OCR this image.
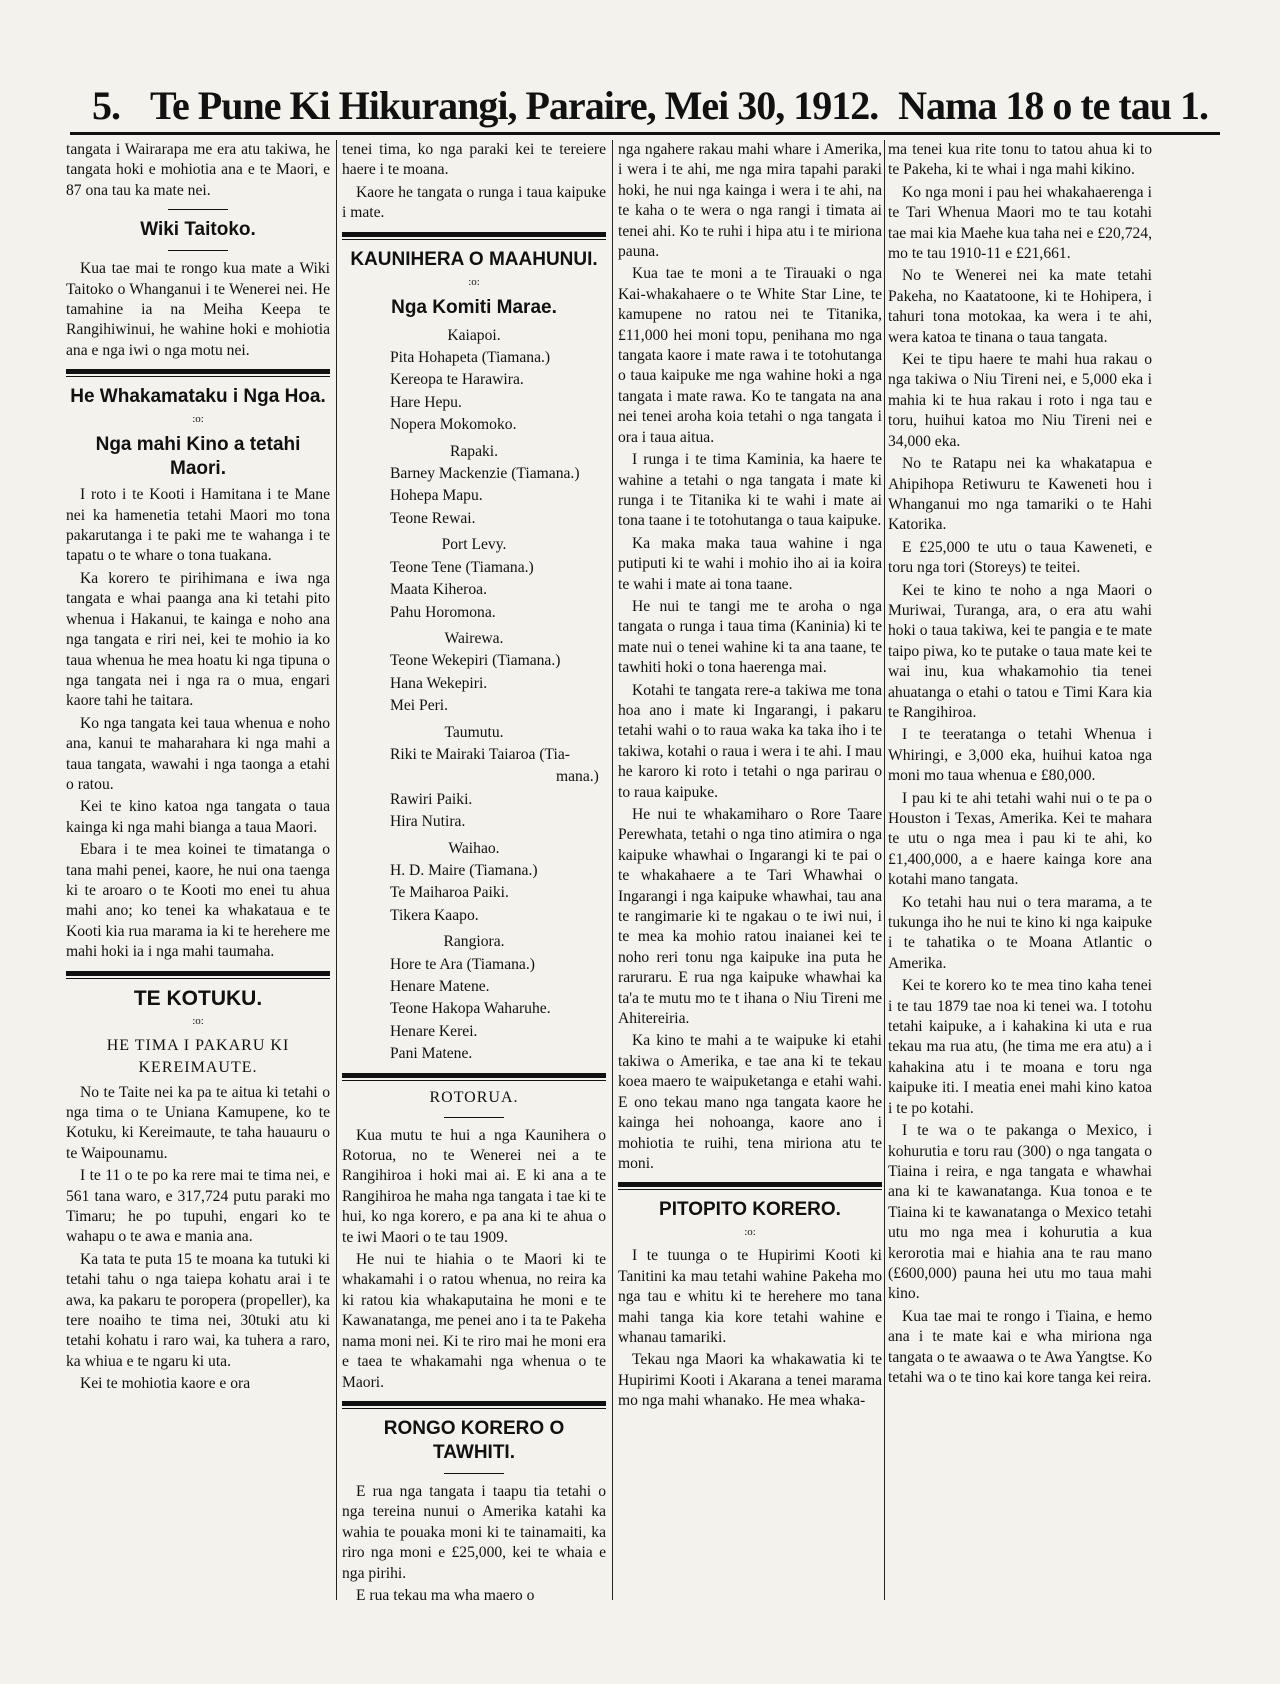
5. Te Pune Ki Hikurangi, Paraire, Mei 30, 1912. Nama 18 o te tau 1.

tangata i Wairarapa me era atu takiwa, he tangata hoki e mohiotia ana e te Maori, e 87 ona tau ka mate nei.

Wiki Taitoko.

Kua tae mai te rongo kua mate a Wiki Taitoko o Whanganui i te Wenerei nei. He tamahine ia na Meiha Keepa te Rangihiwinui, he wahine hoki e mohiotia ana e nga iwi o nga motu nei.

He Whakamataku i Nga Hoa.
:o:
Nga mahi Kino a tetahi Maori.

I roto i te Kooti i Hamitana i te Mane nei ka hamenetia tetahi Maori mo tona pakarutanga i te paki me te wahanga i te tapatu o te whare o tona tuakana.

Ka korero te pirihimana e iwa nga tangata e whai paanga ana ki tetahi pito whenua i Hakanui, te kainga e noho ana nga tangata e riri nei, kei te mohio ia ko taua whenua he mea hoatu ki nga tipuna o nga tangata nei i nga ra o mua, engari kaore tahi he taitara.

Ko nga tangata kei taua whenua e noho ana, kanui te maharahara ki nga mahi a taua tangata, wawahi i nga taonga a etahi o ratou.

Kei te kino katoa nga tangata o taua kainga ki nga mahi bianga a taua Maori.

Ebara i te mea koinei te timatanga o tana mahi penei, kaore, he nui ona taenga ki te aroaro o te Kooti mo enei tu ahua mahi ano; ko tenei ka whakataua e te Kooti kia rua marama ia ki te herehere me mahi hoki ia i nga mahi taumaha.

TE KOTUKU.
:o:
HE TIMA I PAKARU KI KEREIMAUTE.

No te Taite nei ka pa te aitua ki tetahi o nga tima o te Uniana Kamupene, ko te Kotuku, ki Kereimaute, te taha hauauru o te Waipounamu.

I te 11 o te po ka rere mai te tima nei, e 561 tana waro, e 317,724 putu paraki mo Timaru; he po tupuhi, engari ko te wahapu o te awa e mania ana.

Ka tata te puta 15 te moana ka tutuki ki tetahi tahu o nga taiepa kohatu arai i te awa, ka pakaru te poropera (propeller), ka tere noaiho te tima nei, 30tuki atu ki tetahi kohatu i raro wai, ka tuhera a raro, ka whiua e te ngaru ki uta.

Kei te mohiotia kaore e ora

tenei tima, ko nga paraki kei te tereiere haere i te moana.

Kaore he tangata o runga i taua kaipuke i mate.

KAUNIHERA O MAAHUNUI.
:o:
Nga Komiti Marae.
Kaiapoi.

Pita Hohapeta (Tiamana.)

Kereopa te Harawira.

Hare Hepu.

Nopera Mokomoko.

Rapaki.

Barney Mackenzie (Tiamana.)

Hohepa Mapu.

Teone Rewai.

Port Levy.

Teone Tene (Tiamana.)

Maata Kiheroa.

Pahu Horomona.

Wairewa.

Teone Wekepiri (Tiamana.)

Hana Wekepiri.

Mei Peri.

Taumutu.

Riki te Mairaki Taiaroa (Tia-

mana.)

Rawiri Paiki.

Hira Nutira.

Waihao.

H. D. Maire (Tiamana.)

Te Maiharoa Paiki.

Tikera Kaapo.

Rangiora.

Hore te Ara (Tiamana.)

Henare Matene.

Teone Hakopa Waharuhe.

Henare Kerei.

Pani Matene.

ROTORUA.

Kua mutu te hui a nga Kaunihera o Rotorua, no te Wenerei nei a te Rangihiroa i hoki mai ai. E ki ana a te Rangihiroa he maha nga tangata i tae ki te hui, ko nga korero, e pa ana ki te ahua o te iwi Maori o te tau 1909.

He nui te hiahia o te Maori ki te whakamahi i o ratou whenua, no reira ka ki ratou kia whakaputaina he moni e te Kawanatanga, me penei ano i ta te Pakeha nama moni nei. Ki te riro mai he moni era e taea te whakamahi nga whenua o te Maori.

RONGO KORERO O TAWHITI.

E rua nga tangata i taapu tia tetahi o nga tereina nunui o Amerika katahi ka wahia te pouaka moni ki te tainamaiti, ka riro nga moni e £25,000, kei te whaia e nga pirihi.

E rua tekau ma wha maero o

nga ngahere rakau mahi whare i Amerika, i wera i te ahi, me nga mira tapahi paraki hoki, he nui nga kainga i wera i te ahi, na te kaha o te wera o nga rangi i timata ai tenei ahi. Ko te ruhi i hipa atu i te miriona pauna.

Kua tae te moni a te Tirauaki o nga Kai-whakahaere o te White Star Line, te kamupene no ratou nei te Titanika, £11,000 hei moni topu, penihana mo nga tangata kaore i mate rawa i te totohutanga o taua kaipuke me nga wahine hoki a nga tangata i mate rawa. Ko te tangata na ana nei tenei aroha koia tetahi o nga tangata i ora i taua aitua.

I runga i te tima Kaminia, ka haere te wahine a tetahi o nga tangata i mate ki runga i te Titanika ki te wahi i mate ai tona taane i te totohutanga o taua kaipuke.

Ka maka maka taua wahine i nga putiputi ki te wahi i mohio iho ai ia koira te wahi i mate ai tona taane.

He nui te tangi me te aroha o nga tangata o runga i taua tima (Kaninia) ki te mate nui o tenei wahine ki ta ana taane, te tawhiti hoki o tona haerenga mai.

Kotahi te tangata rere-a takiwa me tona hoa ano i mate ki Ingarangi, i pakaru tetahi wahi o to raua waka ka taka iho i te takiwa, kotahi o raua i wera i te ahi. I mau he karoro ki roto i tetahi o nga parirau o to raua kaipuke.

He nui te whakamiharo o Rore Taare Perewhata, tetahi o nga tino atimira o nga kaipuke whawhai o Ingarangi ki te pai o te whakahaere a te Tari Whawhai o Ingarangi i nga kaipuke whawhai, tau ana te rangimarie ki te ngakau o te iwi nui, i te mea ka mohio ratou inaianei kei te noho reri tonu nga kaipuke ina puta he raruraru. E rua nga kaipuke whawhai ka ta'a te mutu mo te t ihana o Niu Tireni me Ahitereiria.

Ka kino te mahi a te waipuke ki etahi takiwa o Amerika, e tae ana ki te tekau koea maero te waipuketanga e etahi wahi. E ono tekau mano nga tangata kaore he kainga hei nohoanga, kaore ano i mohiotia te ruihi, tena miriona atu te moni.

PITOPITO KORERO.
:o:

I te tuunga o te Hupirimi Kooti ki Tanitini ka mau tetahi wahine Pakeha mo nga tau e whitu ki te herehere mo tana mahi tanga kia kore tetahi wahine e whanau tamariki.

Tekau nga Maori ka whakawatia ki te Hupirimi Kooti i Akarana a tenei marama mo nga mahi whanako. He mea whaka-

ma tenei kua rite tonu to tatou ahua ki to te Pakeha, ki te whai i nga mahi kikino.

Ko nga moni i pau hei whakahaerenga i te Tari Whenua Maori mo te tau kotahi tae mai kia Maehe kua taha nei e £20,724, mo te tau 1910-11 e £21,661.

No te Wenerei nei ka mate tetahi Pakeha, no Kaatatoone, ki te Hohipera, i tahuri tona motokaa, ka wera i te ahi, wera katoa te tinana o taua tangata.

Kei te tipu haere te mahi hua rakau o nga takiwa o Niu Tireni nei, e 5,000 eka i mahia ki te hua rakau i roto i nga tau e toru, huihui katoa mo Niu Tireni nei e 34,000 eka.

No te Ratapu nei ka whakatapua e Ahipihopa Retiwuru te Kaweneti hou i Whanganui mo nga tamariki o te Hahi Katorika.

E £25,000 te utu o taua Kaweneti, e toru nga tori (Storeys) te teitei.

Kei te kino te noho a nga Maori o Muriwai, Turanga, ara, o era atu wahi hoki o taua takiwa, kei te pangia e te mate taipo piwa, ko te putake o taua mate kei te wai inu, kua whakamohio tia tenei ahuatanga o etahi o tatou e Timi Kara kia te Rangihiroa.

I te teeratanga o tetahi Whenua i Whiringi, e 3,000 eka, huihui katoa nga moni mo taua whenua e £80,000.

I pau ki te ahi tetahi wahi nui o te pa o Houston i Texas, Amerika. Kei te mahara te utu o nga mea i pau ki te ahi, ko £1,400,000, a e haere kainga kore ana kotahi mano tangata.

Ko tetahi hau nui o tera marama, a te tukunga iho he nui te kino ki nga kaipuke i te tahatika o te Moana Atlantic o Amerika.

Kei te korero ko te mea tino kaha tenei i te tau 1879 tae noa ki tenei wa. I totohu tetahi kaipuke, a i kahakina ki uta e rua tekau ma rua atu, (he tima me era atu) a i kahakina atu i te moana e toru nga kaipuke iti. I meatia enei mahi kino katoa i te po kotahi.

I te wa o te pakanga o Mexico, i kohurutia e toru rau (300) o nga tangata o Tiaina i reira, e nga tangata e whawhai ana ki te kawanatanga. Kua tonoa e te Tiaina ki te kawanatanga o Mexico tetahi utu mo nga mea i kohurutia a kua kerorotia mai e hiahia ana te rau mano (£600,000) pauna hei utu mo taua mahi kino.

Kua tae mai te rongo i Tiaina, e hemo ana i te mate kai e wha miriona nga tangata o te awaawa o te Awa Yangtse. Ko tetahi wa o te tino kai kore tanga kei reira.
